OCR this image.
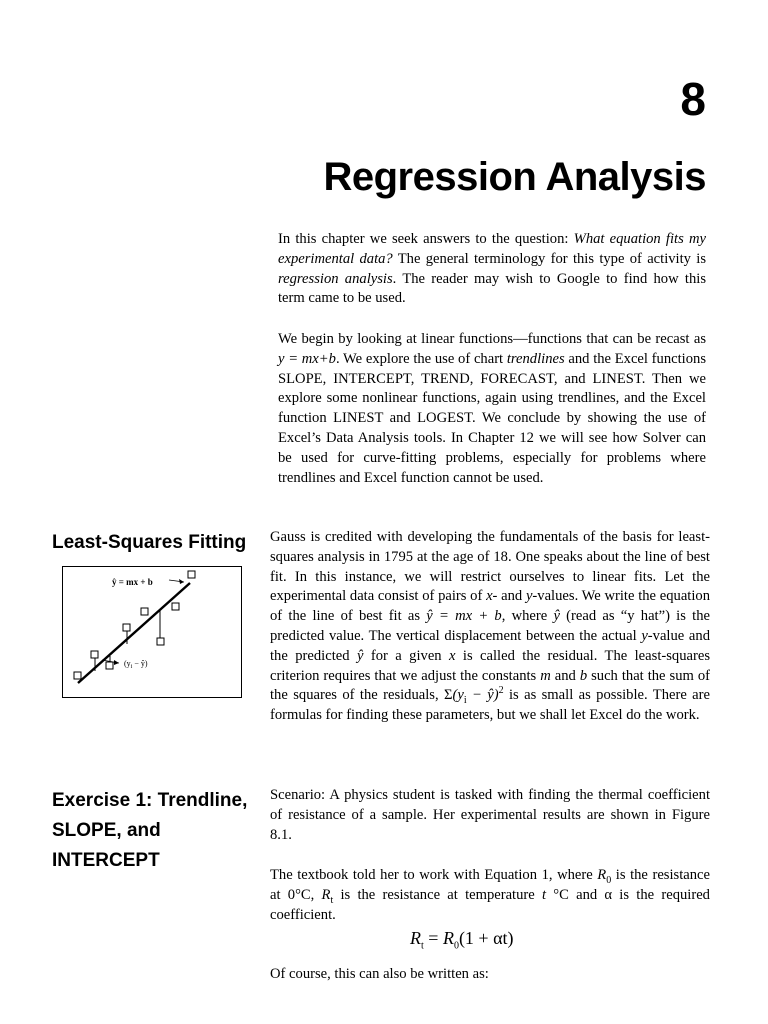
8
Regression Analysis

In this chapter we seek answers to the question: What equation fits my experimental data? The general terminology for this type of activity is regression analysis. The reader may wish to Google to find how this term came to be used.

We begin by looking at linear functions—functions that can be recast as y = mx+b. We explore the use of chart trendlines and the Excel functions SLOPE, INTERCEPT, TREND, FORECAST, and LINEST. Then we explore some nonlinear functions, again using trendlines, and the Excel function LINEST and LOGEST. We conclude by showing the use of Excel’s Data Analysis tools. In Chapter 12 we will see how Solver can be used for curve-fitting problems, especially for problems where trendlines and Excel function cannot be used.

Least-Squares Fitting
ŷ = mx + b
($y_i$ − ŷ)

Gauss is credited with developing the fundamentals of the basis for least-squares analysis in 1795 at the age of 18. One speaks about the line of best fit. In this instance, we will restrict ourselves to linear fits. Let the experimental data consist of pairs of x- and y-values. We write the equation of the line of best fit as ŷ = mx + b, where ŷ (read as “y hat”) is the predicted value. The vertical displacement between the actual y-value and the predicted ŷ for a given x is called the residual. The least-squares criterion requires that we adjust the constants m and b such that the sum of the squares of the residuals, $\Sigma(y_i$ − ŷ)$^2$ is as small as possible. There are formulas for finding these parameters, but we shall let Excel do the work.

Exercise 1: Trendline, SLOPE, and INTERCEPT

Scenario: A physics student is tasked with finding the thermal coefficient of resistance of a sample. Her experimental results are shown in Figure 8.1.

The textbook told her to work with Equation 1, where $R_0$ is the resistance at 0°C, $R_t$ is the resistance at temperature t °C and α is the required coefficient.

$R_t = R_0(1 + \alpha t)$

Of course, this can also be written as:
